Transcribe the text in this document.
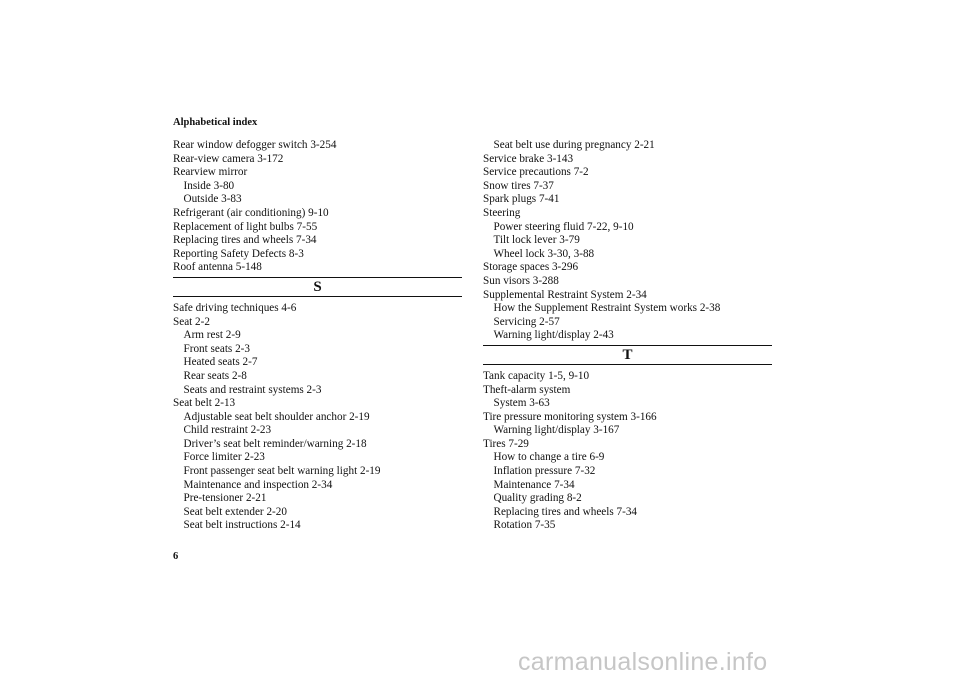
Alphabetical index
Rear window defogger switch 3-254
Rear-view camera 3-172
Rearview mirror
Inside 3-80
Outside 3-83
Refrigerant (air conditioning) 9-10
Replacement of light bulbs 7-55
Replacing tires and wheels 7-34
Reporting Safety Defects 8-3
Roof antenna 5-148
S
Safe driving techniques 4-6
Seat 2-2
Arm rest 2-9
Front seats 2-3
Heated seats 2-7
Rear seats 2-8
Seats and restraint systems 2-3
Seat belt 2-13
Adjustable seat belt shoulder anchor 2-19
Child restraint 2-23
Driver’s seat belt reminder/warning 2-18
Force limiter 2-23
Front passenger seat belt warning light 2-19
Maintenance and inspection 2-34
Pre-tensioner 2-21
Seat belt extender 2-20
Seat belt instructions 2-14
Seat belt use during pregnancy 2-21
Service brake 3-143
Service precautions 7-2
Snow tires 7-37
Spark plugs 7-41
Steering
Power steering fluid 7-22, 9-10
Tilt lock lever 3-79
Wheel lock 3-30, 3-88
Storage spaces 3-296
Sun visors 3-288
Supplemental Restraint System 2-34
How the Supplement Restraint System works 2-38
Servicing 2-57
Warning light/display 2-43
T
Tank capacity 1-5, 9-10
Theft-alarm system
System 3-63
Tire pressure monitoring system 3-166
Warning light/display 3-167
Tires 7-29
How to change a tire 6-9
Inflation pressure 7-32
Maintenance 7-34
Quality grading 8-2
Replacing tires and wheels 7-34
Rotation 7-35
6
carmanualsonline.info
